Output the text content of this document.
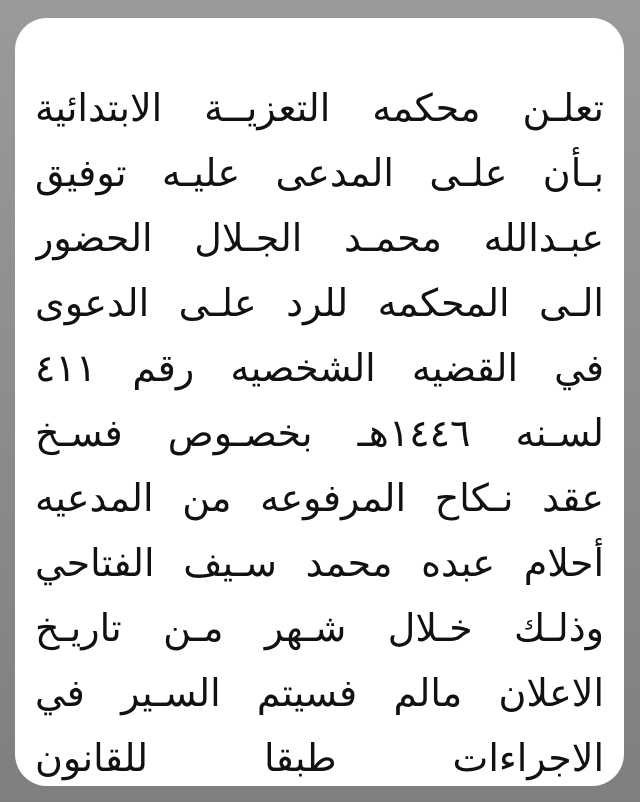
تعلـن محكمه التعزيــة الابتدائية
بـأن علـى المدعى عليـه توفيق
عبـدالله محمـد الجـلال الحضور
الـى المحكمه للرد علـى الدعوى
في القضيه الشخصيه رقم ٤١١
لسـنه ١٤٤٦هـ بخصـوص فسـخ
عقد نـكاح المرفوعه من المدعيه
أحلام عبده محمد سـيف الفتاحي
وذلـك خـلال شـهر مـن تاريـخ
الاعلان مالم فسيتم السـير في
الاجراءات طبقا للقانون
